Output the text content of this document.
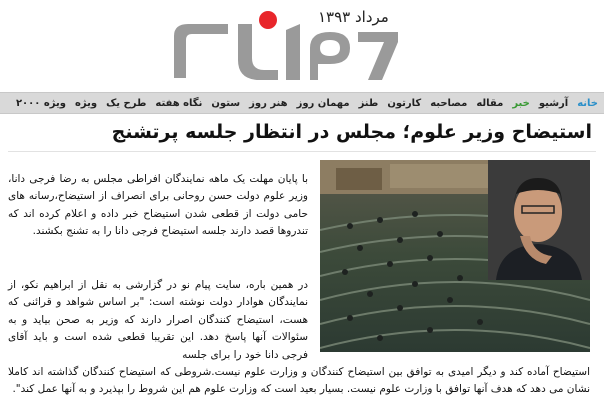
مرداد ۱۳۹۳
خانه
آرشیو
خبر
مقاله
مصاحبه
کارتون
طنز
مهمان روز
هنر روز
ستون
نگاه هفته
طرح یک
ویژه
ویژه ۲۰۰۰
استیضاح وزیر علوم؛ مجلس در انتظار جلسه پرتشنج

با پایان مهلت یک ماهه نمایندگان افراطی مجلس به رضا فرجی دانا، وزیر علوم دولت حسن روحانی برای انصراف از استیضاح،رسانه های حامی دولت از قطعی شدن استیضاح خبر داده و اعلام کرده اند که تندروها قصد دارند جلسه استیضاح فرجی دانا را به تشنج بکشند.

در همین باره، سایت پیام نو در گزارشی به نقل از ابراهیم نکو، از نمایندگان هوادار دولت نوشته است: "بر اساس شواهد و قرائنی که هست، استیضاح کنندگان اصرار دارند که وزیر به صحن بیاید و به سئوالات آنها پاسخ دهد. این تقریبا قطعی شده است و باید آقای فرجی دانا خود را برای جلسه

استیضاح آماده کند و دیگر امیدی به توافق بین استیضاح کنندگان و وزارت علوم نیست.شروطی که استیضاح کنندگان گذاشته اند کاملا نشان می دهد که هدف آنها توافق با وزارت علوم نیست. بسیار بعید است که وزارت علوم هم این شروط را بپذیرد و به آنها عمل کند".
